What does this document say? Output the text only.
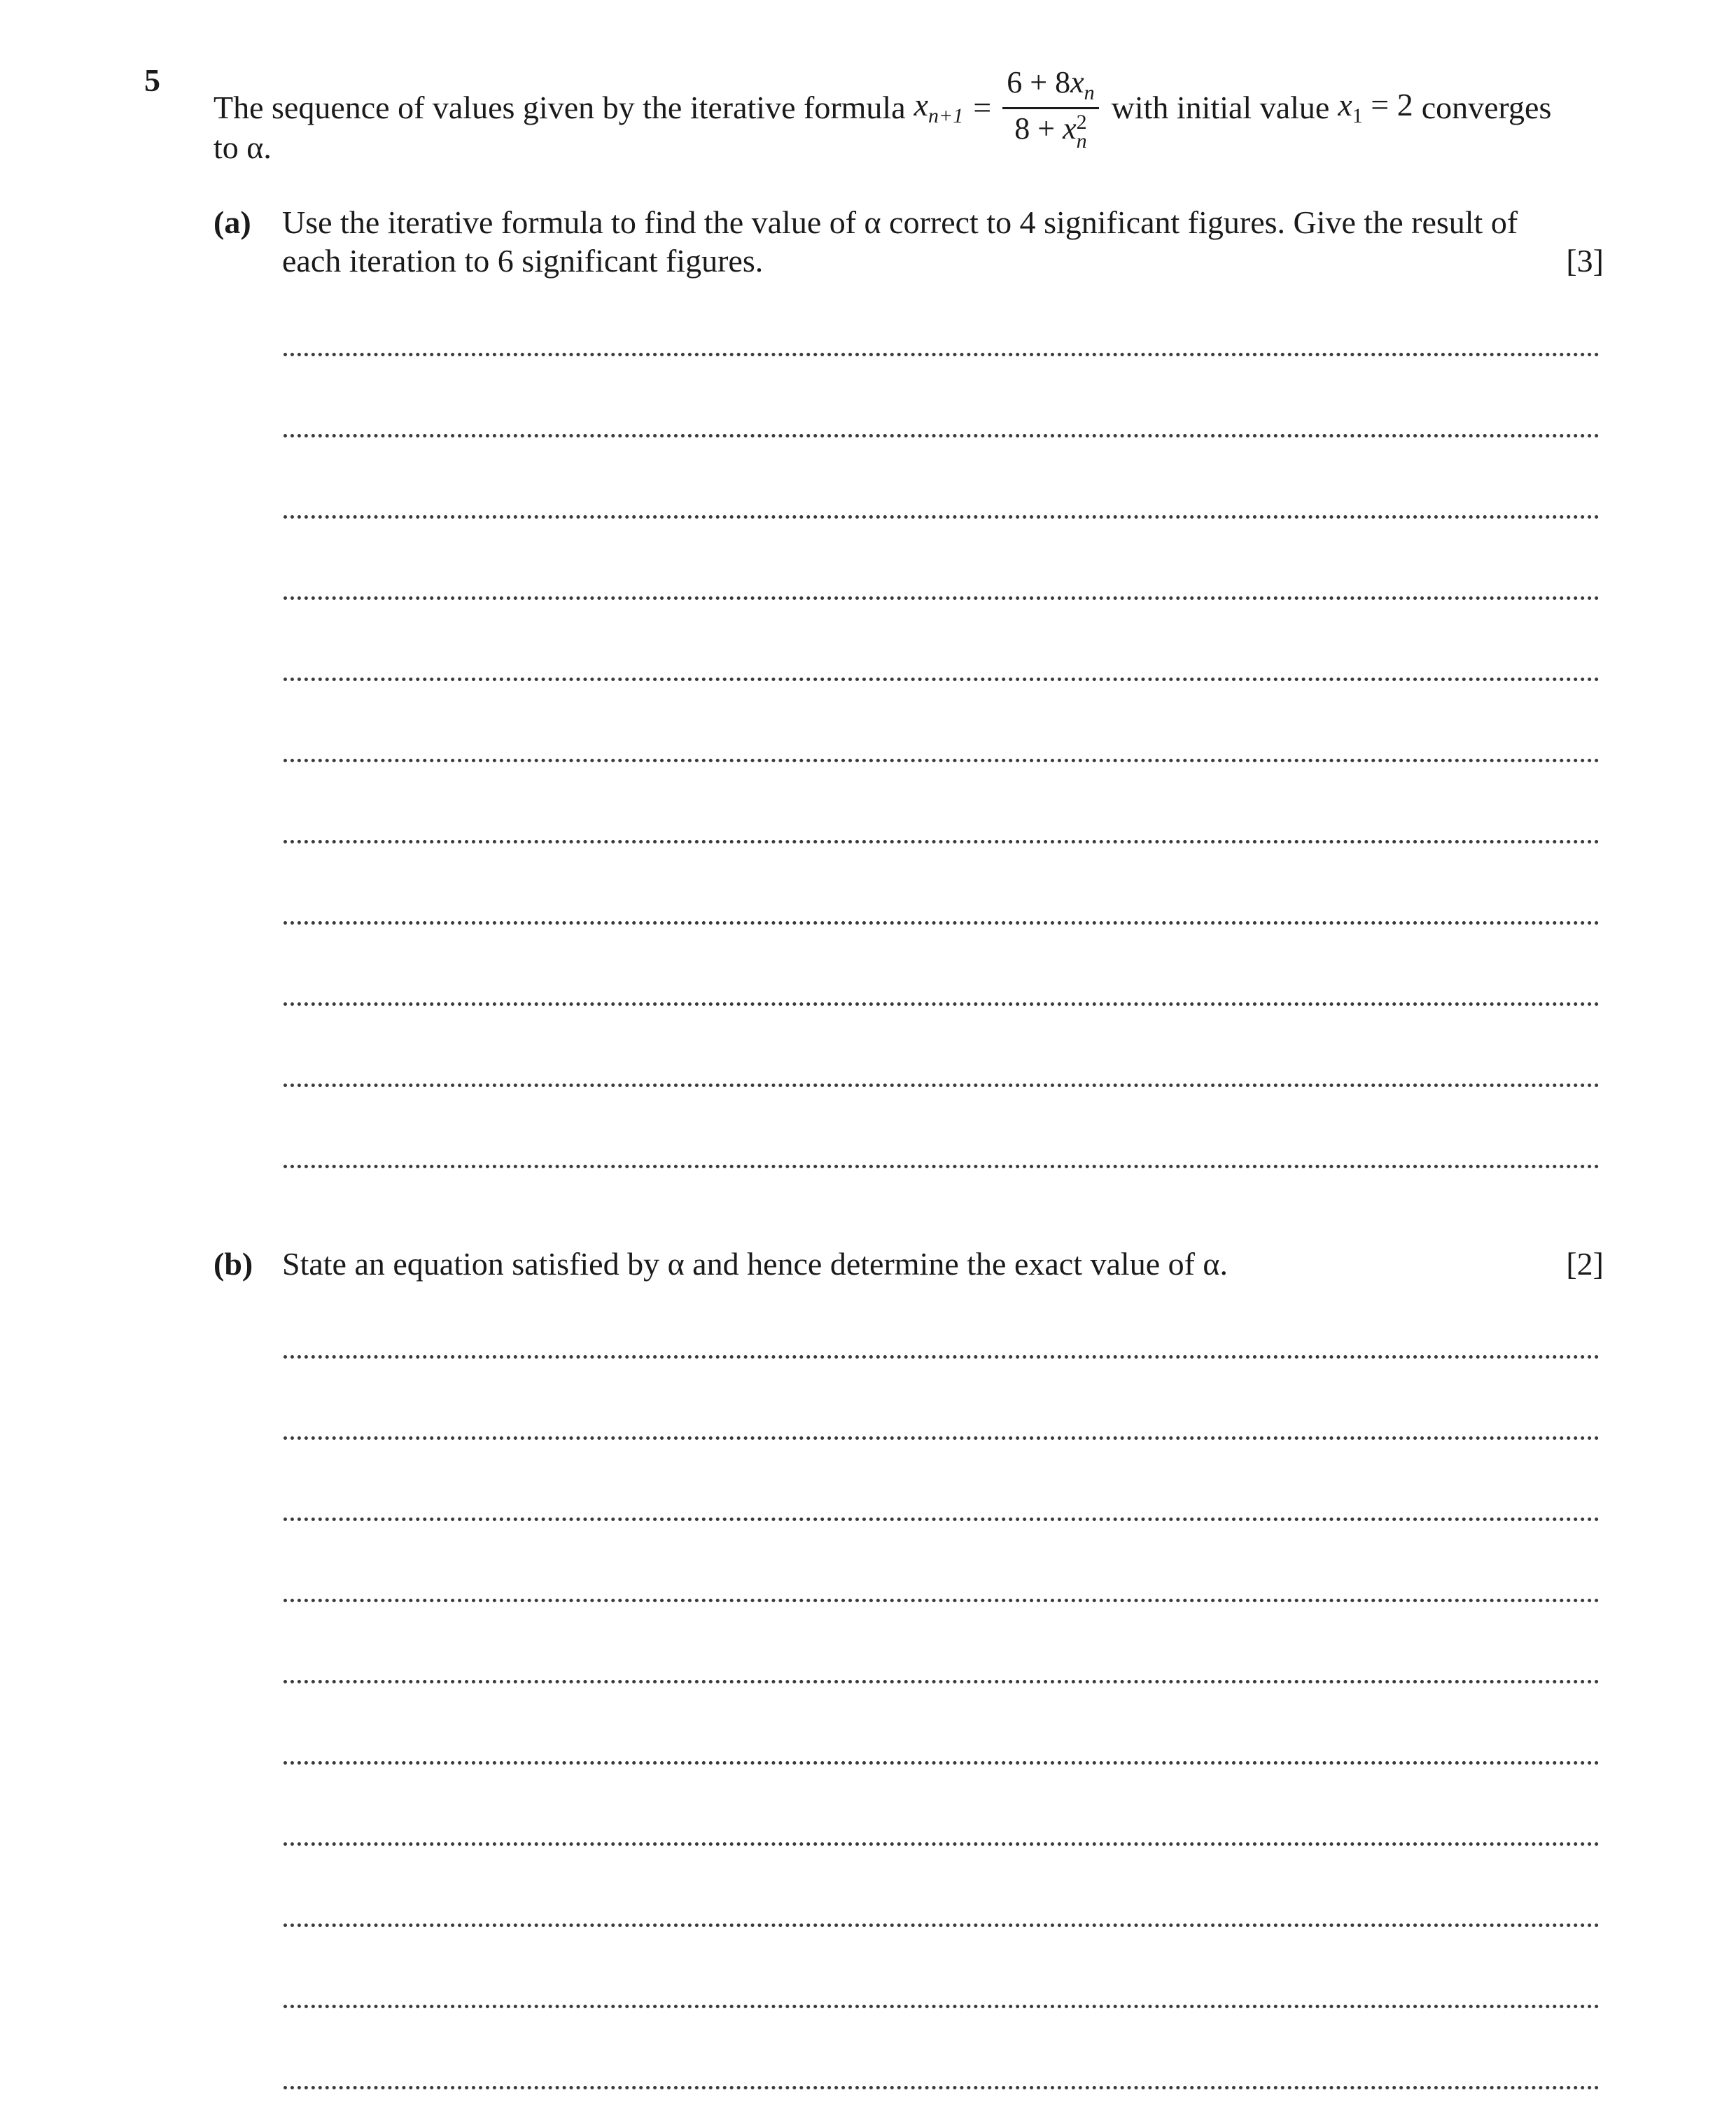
5
The sequence of values given by the iterative formula $x_{n+1} = 6 + 8x_n$
8 + x 2
n with initial value $x_1 = 2$ converges
to α.
(a) Use the iterative formula to find the value of α correct to 4 significant figures. Give the result of each iteration to 6 significant figures.	[3]
(b) State an equation satisfied by α and hence determine the exact value of α.	[2]
